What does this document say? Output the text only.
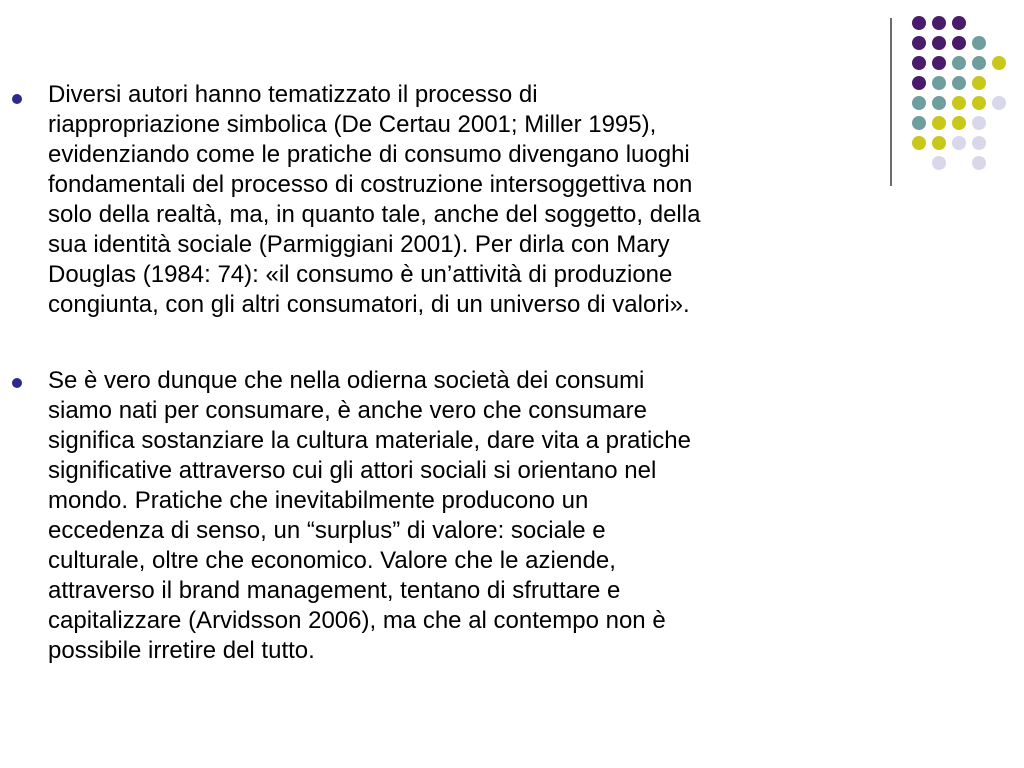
Diversi autori hanno tematizzato il processo di
riappropriazione simbolica (De Certau 2001; Miller 1995),
evidenziando come le pratiche di consumo divengano luoghi
fondamentali del processo di costruzione intersoggettiva non
solo della realtà, ma, in quanto tale, anche del soggetto, della
sua identità sociale (Parmiggiani 2001). Per dirla con Mary
Douglas (1984: 74): «il consumo è un’attività di produzione
congiunta, con gli altri consumatori, di un universo di valori».
Se è vero dunque che nella odierna società dei consumi
siamo nati per consumare, è anche vero che consumare
significa sostanziare la cultura materiale, dare vita a pratiche
significative attraverso cui gli attori sociali si orientano nel
mondo. Pratiche che inevitabilmente producono un
eccedenza di senso, un “surplus” di valore: sociale e
culturale, oltre che economico. Valore che le aziende,
attraverso il brand management, tentano di sfruttare e
capitalizzare (Arvidsson 2006), ma che al contempo non è
possibile irretire del tutto.
